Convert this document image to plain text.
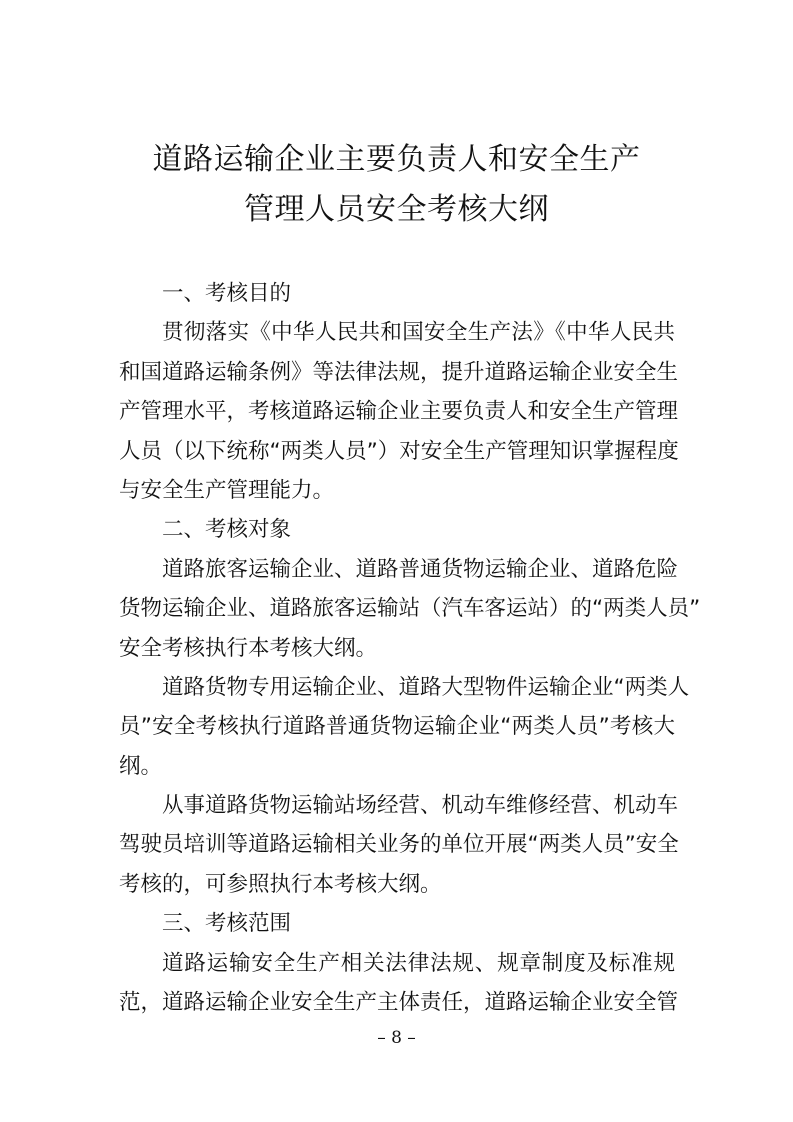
道路运输企业主要负责人和安全生产
管理人员安全考核大纲
一、考核目的
贯彻落实《中华人民共和国安全生产法》《中华人民共
和国道路运输条例》等法律法规，提升道路运输企业安全生
产管理水平，考核道路运输企业主要负责人和安全生产管理
人员（以下统称“两类人员”）对安全生产管理知识掌握程度
与安全生产管理能力。
二、考核对象
道路旅客运输企业、道路普通货物运输企业、道路危险
货物运输企业、道路旅客运输站（汽车客运站）的“两类人员”
安全考核执行本考核大纲。
道路货物专用运输企业、道路大型物件运输企业“两类人
员”安全考核执行道路普通货物运输企业“两类人员”考核大
纲。
从事道路货物运输站场经营、机动车维修经营、机动车
驾驶员培训等道路运输相关业务的单位开展“两类人员”安全
考核的，可参照执行本考核大纲。
三、考核范围
道路运输安全生产相关法律法规、规章制度及标准规
范，道路运输企业安全生产主体责任，道路运输企业安全管
– 8 –
